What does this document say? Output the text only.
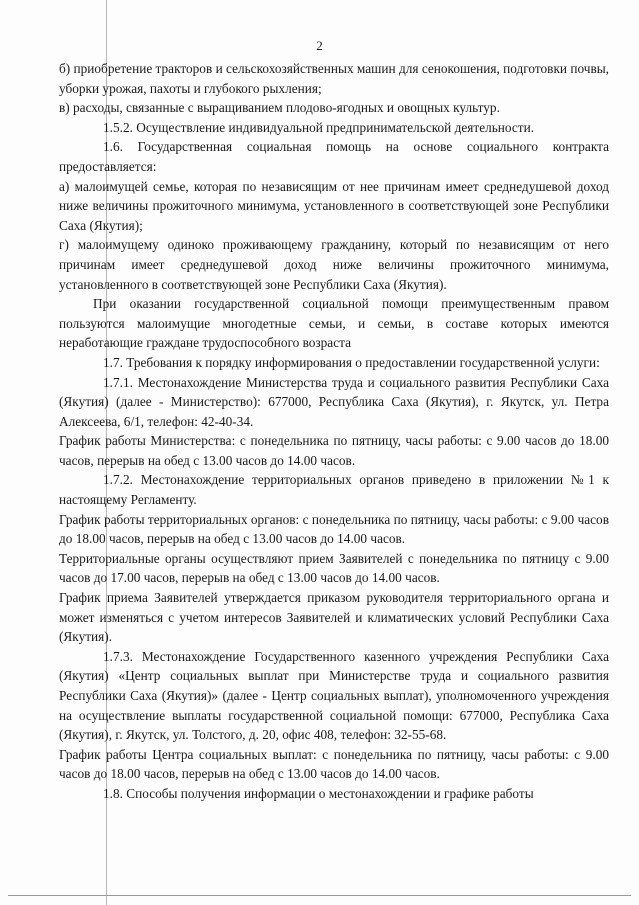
2

б) приобретение тракторов и сельскохозяйственных машин для сенокошения, подготовки почвы, уборки урожая, пахоты и глубокого рыхления;

в) расходы, связанные с выращиванием плодово-ягодных и овощных культур.

1.5.2. Осуществление индивидуальной предпринимательской деятельности.

1.6. Государственная социальная помощь на основе социального контракта предоставляется:

а) малоимущей семье, которая по независящим от нее причинам имеет среднедушевой доход ниже величины прожиточного минимума, установленного в соответствующей зоне Республики Саха (Якутия);

г) малоимущему одиноко проживающему гражданину, который по независящим от него причинам имеет среднедушевой доход ниже величины прожиточного минимума, установленного в соответствующей зоне Республики Саха (Якутия).

При оказании государственной социальной помощи преимущественным правом пользуются малоимущие многодетные семьи, и семьи, в составе которых имеются неработающие граждане трудоспособного возраста

1.7. Требования к порядку информирования о предоставлении государственной услуги:

1.7.1. Местонахождение Министерства труда и социального развития Республики Саха (Якутия) (далее - Министерство): 677000, Республика Саха (Якутия), г. Якутск, ул. Петра Алексеева, 6/1, телефон: 42-40-34.

График работы Министерства: с понедельника по пятницу, часы работы: с 9.00 часов до 18.00 часов, перерыв на обед с 13.00 часов до 14.00 часов.

1.7.2. Местонахождение территориальных органов приведено в приложении №1 к настоящему Регламенту.

График работы территориальных органов: с понедельника по пятницу, часы работы: с 9.00 часов до 18.00 часов, перерыв на обед с 13.00 часов до 14.00 часов.

Территориальные органы осуществляют прием Заявителей с понедельника по пятницу с 9.00 часов до 17.00 часов, перерыв на обед с 13.00 часов до 14.00 часов.

График приема Заявителей утверждается приказом руководителя территориального органа и может изменяться с учетом интересов Заявителей и климатических условий Республики Саха (Якутия).

1.7.3. Местонахождение Государственного казенного учреждения Республики Саха (Якутия) «Центр социальных выплат при Министерстве труда и социального развития Республики Саха (Якутия)» (далее - Центр социальных выплат), уполномоченного учреждения на осуществление выплаты государственной социальной помощи: 677000, Республика Саха (Якутия), г. Якутск, ул. Толстого, д. 20, офис 408, телефон: 32-55-68.

График работы Центра социальных выплат: с понедельника по пятницу, часы работы: с 9.00 часов до 18.00 часов, перерыв на обед с 13.00 часов до 14.00 часов.

1.8. Способы получения информации о местонахождении и графике работы
